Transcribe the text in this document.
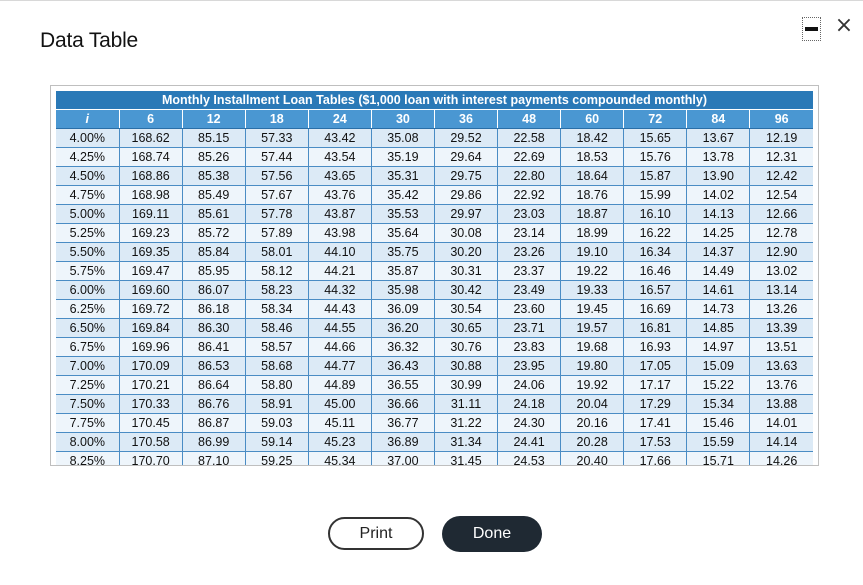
Data Table
×
Monthly Installment Loan Tables ($1,000 loan with interest payments compounded monthly)											
i	6	12	18	24	30	36	48	60	72	84	96
4.00%	168.62	85.15	57.33	43.42	35.08	29.52	22.58	18.42	15.65	13.67	12.19
4.25%	168.74	85.26	57.44	43.54	35.19	29.64	22.69	18.53	15.76	13.78	12.31
4.50%	168.86	85.38	57.56	43.65	35.31	29.75	22.80	18.64	15.87	13.90	12.42
4.75%	168.98	85.49	57.67	43.76	35.42	29.86	22.92	18.76	15.99	14.02	12.54
5.00%	169.11	85.61	57.78	43.87	35.53	29.97	23.03	18.87	16.10	14.13	12.66
5.25%	169.23	85.72	57.89	43.98	35.64	30.08	23.14	18.99	16.22	14.25	12.78
5.50%	169.35	85.84	58.01	44.10	35.75	30.20	23.26	19.10	16.34	14.37	12.90
5.75%	169.47	85.95	58.12	44.21	35.87	30.31	23.37	19.22	16.46	14.49	13.02
6.00%	169.60	86.07	58.23	44.32	35.98	30.42	23.49	19.33	16.57	14.61	13.14
6.25%	169.72	86.18	58.34	44.43	36.09	30.54	23.60	19.45	16.69	14.73	13.26
6.50%	169.84	86.30	58.46	44.55	36.20	30.65	23.71	19.57	16.81	14.85	13.39
6.75%	169.96	86.41	58.57	44.66	36.32	30.76	23.83	19.68	16.93	14.97	13.51
7.00%	170.09	86.53	58.68	44.77	36.43	30.88	23.95	19.80	17.05	15.09	13.63
7.25%	170.21	86.64	58.80	44.89	36.55	30.99	24.06	19.92	17.17	15.22	13.76
7.50%	170.33	86.76	58.91	45.00	36.66	31.11	24.18	20.04	17.29	15.34	13.88
7.75%	170.45	86.87	59.03	45.11	36.77	31.22	24.30	20.16	17.41	15.46	14.01
8.00%	170.58	86.99	59.14	45.23	36.89	31.34	24.41	20.28	17.53	15.59	14.14
8.25%	170.70	87.10	59.25	45.34	37.00	31.45	24.53	20.40	17.66	15.71	14.26
Print	Done
